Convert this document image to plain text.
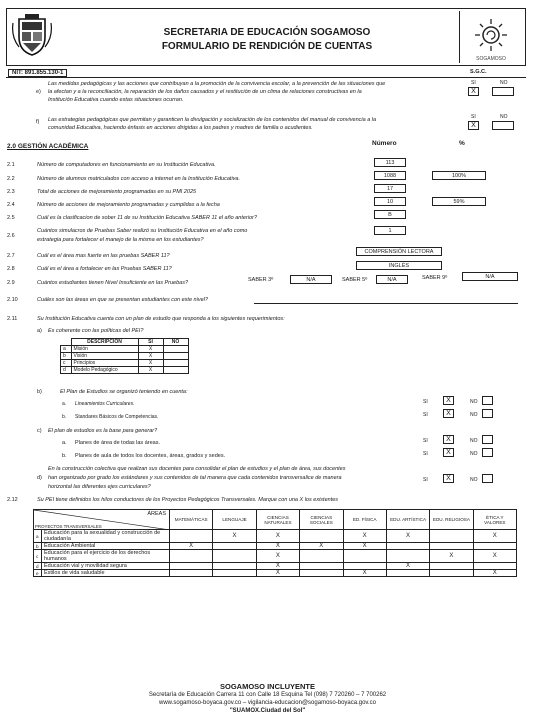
SECRETARIA DE EDUCACIÓN SOGAMOSO
FORMULARIO DE RENDICIÓN DE CUENTAS
SOGAMOSO
NIT: 891.855.130-1	S.G.C.
e)
Las medidas pedagógicas y las acciones que contribuyan a la promoción de la convivencia escolar, a la prevención de las situaciones que
la afectan y a la reconciliación, la reparación de los daños causados y el restitución de un clima de relaciones constructivas en la
Institución Educativa cuando estas situaciones ocurran.
SI	NO
X
f) Las estrategias pedagógicas que permitan y garanticen la divulgación y socialización de los contenidos del manual de convivencia a la
comunidad Educativa, haciendo énfasis en acciones dirigidas a los padres y madres de familia o acudientes.
SI	NO
X
2.0 GESTIÓN ACADÉMICA	Número	%
2.1	Número de computadores en funcionamiento en su Institución Educativa.	113
2.2	Número de alumnos matriculados con acceso a internet en la Institución Educativa.	1088	100%
2.3	Total de acciones de mejoramiento programadas en su PMI 2025	17
2.4	Número de acciones de mejoramiento programadas y cumplidas a la fecha	10	59%
2.5	Cuál es la clasificacion de sober 11 de su Institución Educativa SABER 11 el año anterior?	B
2.6
Cuántos simulacros de Pruebas Saber realizó su Institución Educativa en el año como
estrategia para fortalecer el manejo de la misma en los estudiantes?
1
2.7	Cuál es el área mas fuerte en las pruebas SABER 11?
COMPRENSIÓN LECTORA
2.8	Cuál es el área a fortalecer en las Pruebas SABER 11?	INGLÉS
2.9	Cuántos estudiantes tienen Nivel Insuficiente en las Pruebas?	SABER 3º	N/A	SABER 5º	N/A	SABER 9º	N/A
2.10	Cuáles son las áreas en que se presentan estudiantes con este nivel?
2.11	Su Institución Educativa cuenta con un plan de estudio que responda a los siguientes requerimientos:
a) Es coherente con las políticas del PEI?
	DESCRIPCIÓN	SI	NO
a	Misión	X	
b	Visión	X	
c	Principios	X	
d	Modelo Pedagógico	X	
b)	El Plan de Estudios se organizó teniendo en cuenta:
a. Lineamientos Curriculares.	SI	X	NO
b. Standares Básicos de Competencias.	SI	X	NO
c) El plan de estudios es la base para generar?
a. Planes de área de todas las áreas.	SI	X	NO
b. Planes de aula de todos los docentes, áreas, grados y sedes.	SI	X	NO
En la construcción colectiva que realizan sus docentes para consolidar el plan de estudios y el plan de área, sus docentes
d) han organizado por grado los estándares y sus contenidos de tal manera que cada contenidos transversalice de manera
horizontal las diferentes ejes curriculares?
SI	X	NO
2.12	Su PEI tiene definidos los hilos conductores de los Proyectos Pedagógicos Transversales. Marque con una X los existentes
ÁREAS
PROYECTOS TRANSVERSALES		MATEMÁTICAS	LENGUAJE	CIENCIAS NATURALES	CIENCIAS SOCIALES	ED. FÍSICA	EDU. ARTÍSTICA	EDU. RELIGIOSA	ÉTICA Y VALORES
a	Educación para la sexualidad y construcción de ciudadanía		X	X		X	X		X
b	Educación Ambiental	X		X	X	X			
c	Educación para el ejercicio de los derechos humanos			X				X	X
d	Educación vial y movilidad segura			X			X		
e	Estilos de vida saludable			X		X			X
SOGAMOSO INCLUYENTE
Secretaría de Educación Carrera 11 con Calle 18 Esquina Tel (098) 7 720260 – 7 700262
www.sogamoso-boyaca.gov.co – vigilancia-educacion@sogamoso-boyaca.gov.co
"SUAMOX.Ciudad del Sol"
